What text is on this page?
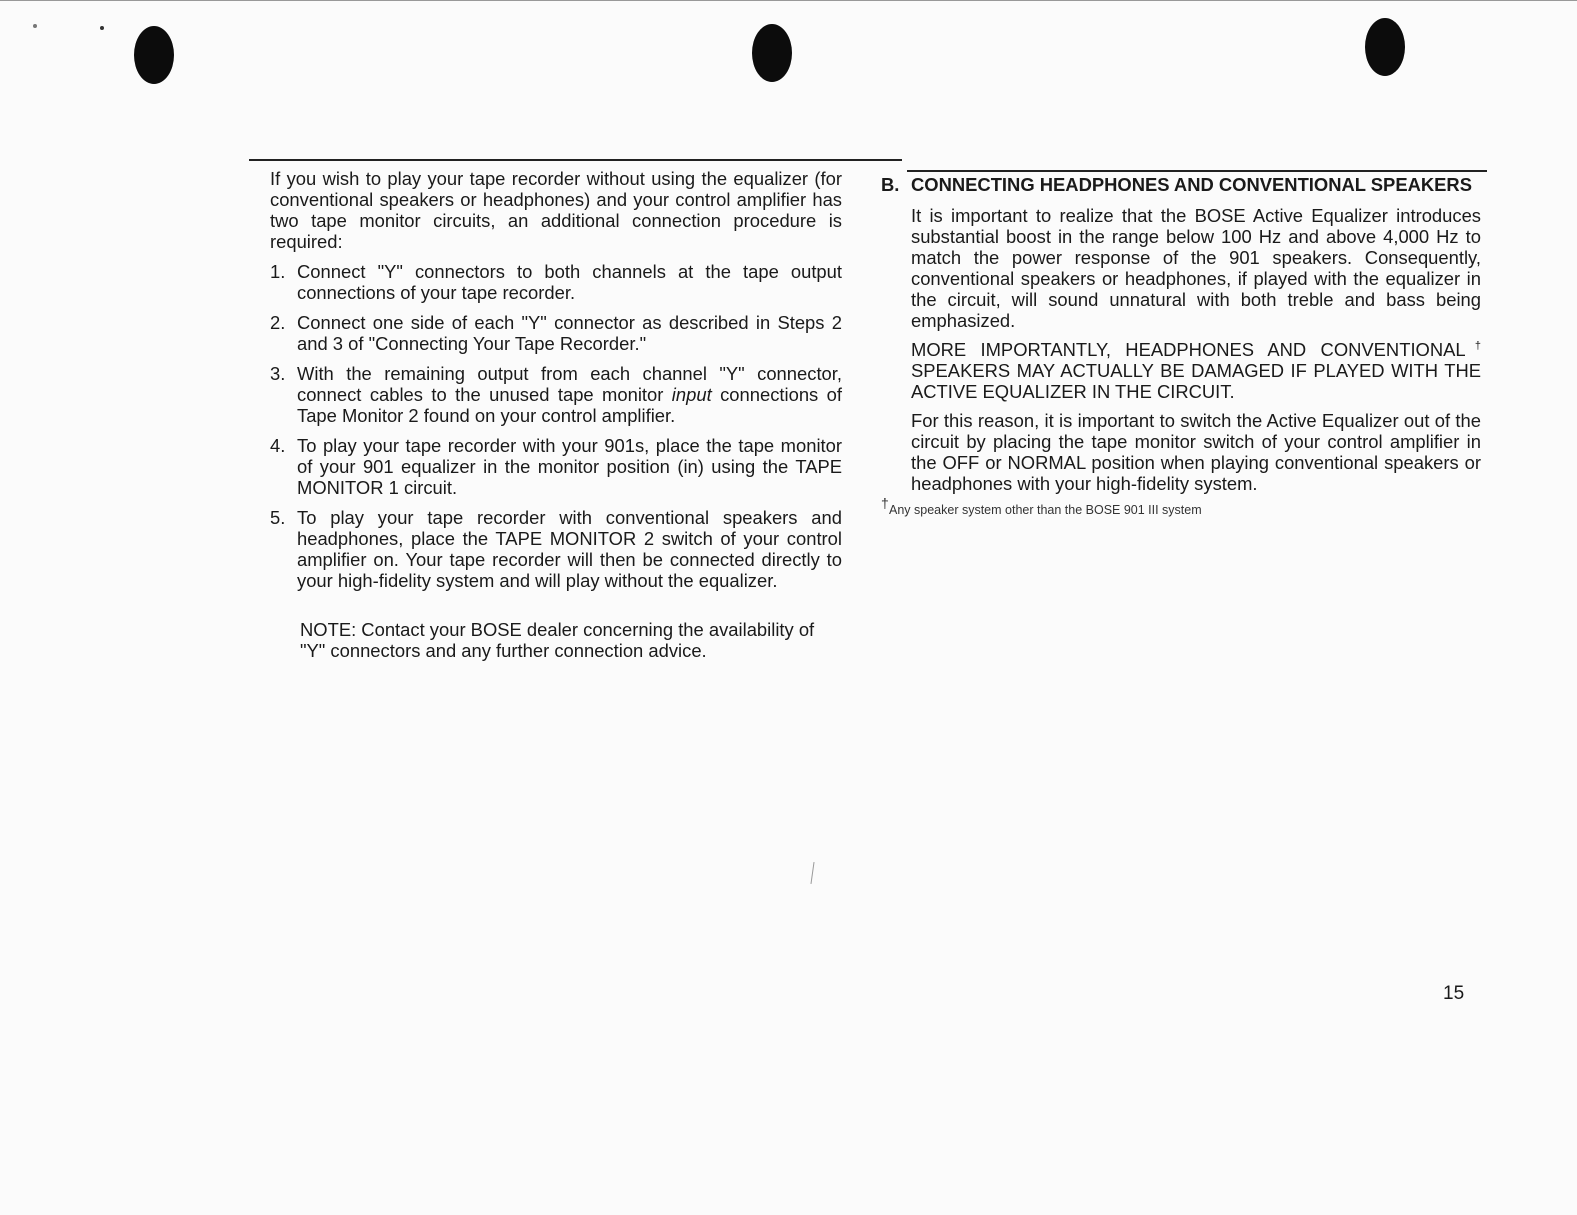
If you wish to play your tape recorder without using the equalizer (for conventional speakers or headphones) and your control amplifier has two tape monitor circuits, an additional connection procedure is required:

1. Connect "Y" connectors to both channels at the tape output connections of your tape recorder.
2. Connect one side of each "Y" connector as described in Steps 2 and 3 of "Connecting Your Tape Recorder."
3. With the remaining output from each channel "Y" connector, connect cables to the unused tape monitor input connections of Tape Monitor 2 found on your control amplifier.
4. To play your tape recorder with your 901s, place the tape monitor of your 901 equalizer in the monitor position (in) using the TAPE MONITOR 1 circuit.
5. To play your tape recorder with conventional speakers and headphones, place the TAPE MONITOR 2 switch of your control amplifier on. Your tape recorder will then be connected directly to your high-fidelity system and will play without the equalizer.

NOTE: Contact your BOSE dealer concerning the availability of "Y" connectors and any further connection advice.

B. CONNECTING HEADPHONES AND CONVENTIONAL SPEAKERS

It is important to realize that the BOSE Active Equalizer introduces substantial boost in the range below 100 Hz and above 4,000 Hz to match the power response of the 901 speakers. Consequently, conventional speakers or headphones, if played with the equalizer in the circuit, will sound unnatural with both treble and bass being emphasized.

MORE IMPORTANTLY, HEADPHONES AND CONVENTIONAL† SPEAKERS MAY ACTUALLY BE DAMAGED IF PLAYED WITH THE ACTIVE EQUALIZER IN THE CIRCUIT.

For this reason, it is important to switch the Active Equalizer out of the circuit by placing the tape monitor switch of your control amplifier in the OFF or NORMAL position when playing conventional speakers or headphones with your high-fidelity system.

† Any speaker system other than the BOSE 901 III system
15
